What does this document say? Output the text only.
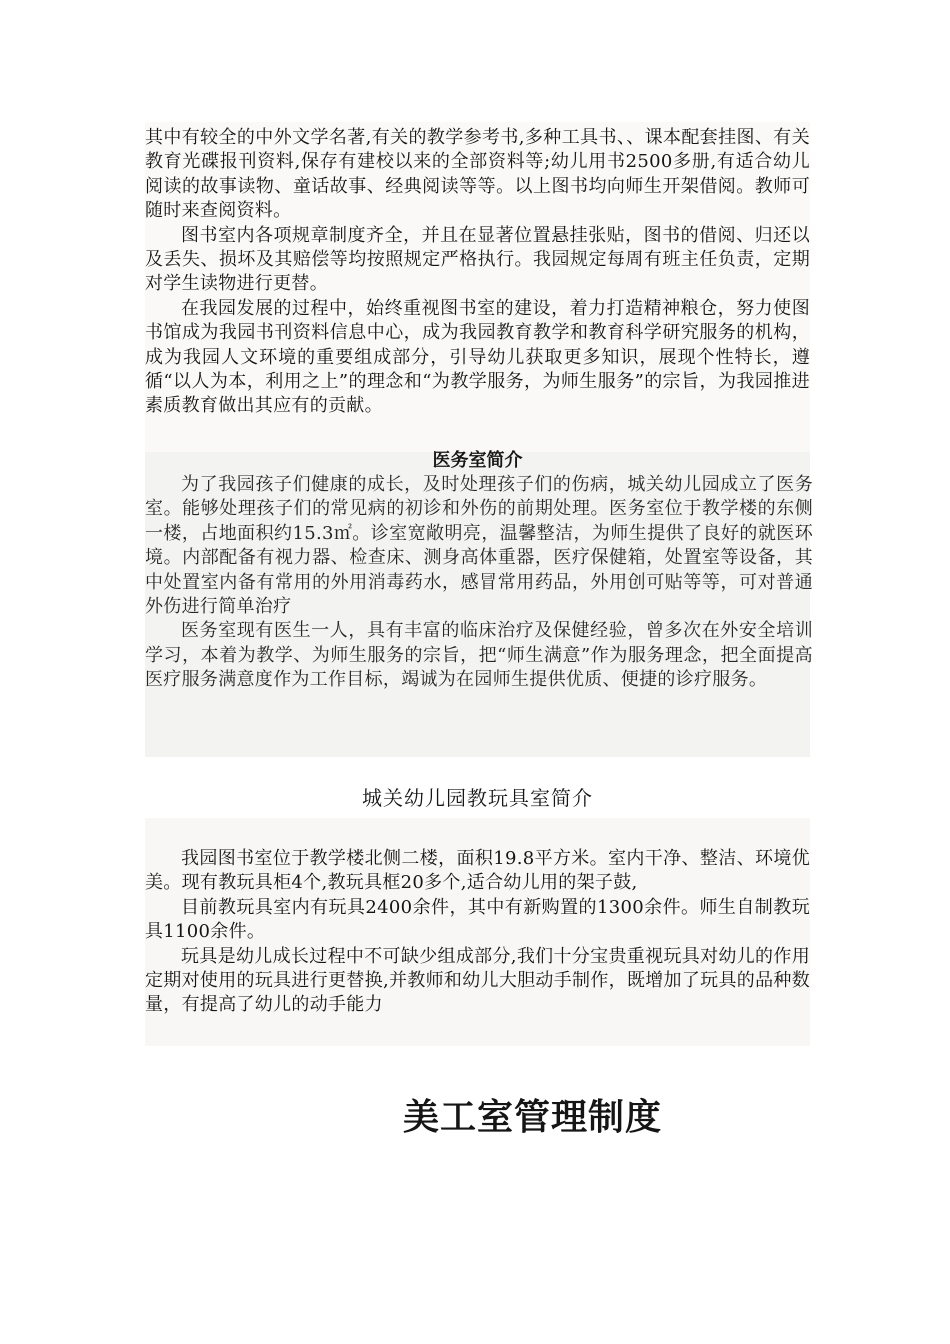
其中有较全的中外文学名著,有关的教学参考书,多种工具书、、课本配套挂图、有关教育光碟报刊资料,保存有建校以来的全部资料等;幼儿用书2500多册,有适合幼儿阅读的故事读物、童话故事、经典阅读等等。以上图书均向师生开架借阅。教师可随时来查阅资料。

图书室内各项规章制度齐全，并且在显著位置悬挂张贴，图书的借阅、归还以及丢失、损坏及其赔偿等均按照规定严格执行。我园规定每周有班主任负责，定期对学生读物进行更替。

在我园发展的过程中，始终重视图书室的建设，着力打造精神粮仓，努力使图书馆成为我园书刊资料信息中心，成为我园教育教学和教育科学研究服务的机构，成为我园人文环境的重要组成部分，引导幼儿获取更多知识，展现个性特长，遵循“以人为本，利用之上”的理念和“为教学服务，为师生服务”的宗旨，为我园推进素质教育做出其应有的贡献。

医务室简介

为了我园孩子们健康的成长，及时处理孩子们的伤病，城关幼儿园成立了医务室。能够处理孩子们的常见病的初诊和外伤的前期处理。医务室位于教学楼的东侧一楼，占地面积约15.3㎡。诊室宽敞明亮，温馨整洁，为师生提供了良好的就医环境。内部配备有视力器、检查床、测身高体重器，医疗保健箱，处置室等设备，其中处置室内备有常用的外用消毒药水，感冒常用药品，外用创可贴等等，可对普通外伤进行简单治疗

医务室现有医生一人，具有丰富的临床治疗及保健经验，曾多次在外安全培训学习，本着为教学、为师生服务的宗旨，把“师生满意”作为服务理念，把全面提高医疗服务满意度作为工作目标，竭诚为在园师生提供优质、便捷的诊疗服务。

城关幼儿园教玩具室简介

我园图书室位于教学楼北侧二楼，面积19.8平方米。室内干净、整洁、环境优美。现有教玩具柜4个,教玩具框20多个,适合幼儿用的架子鼓,

目前教玩具室内有玩具2400余件，其中有新购置的1300余件。师生自制教玩具1100余件。

玩具是幼儿成长过程中不可缺少组成部分,我们十分宝贵重视玩具对幼儿的作用定期对使用的玩具进行更替换,并教师和幼儿大胆动手制作，既增加了玩具的品种数量，有提高了幼儿的动手能力

美工室管理制度
